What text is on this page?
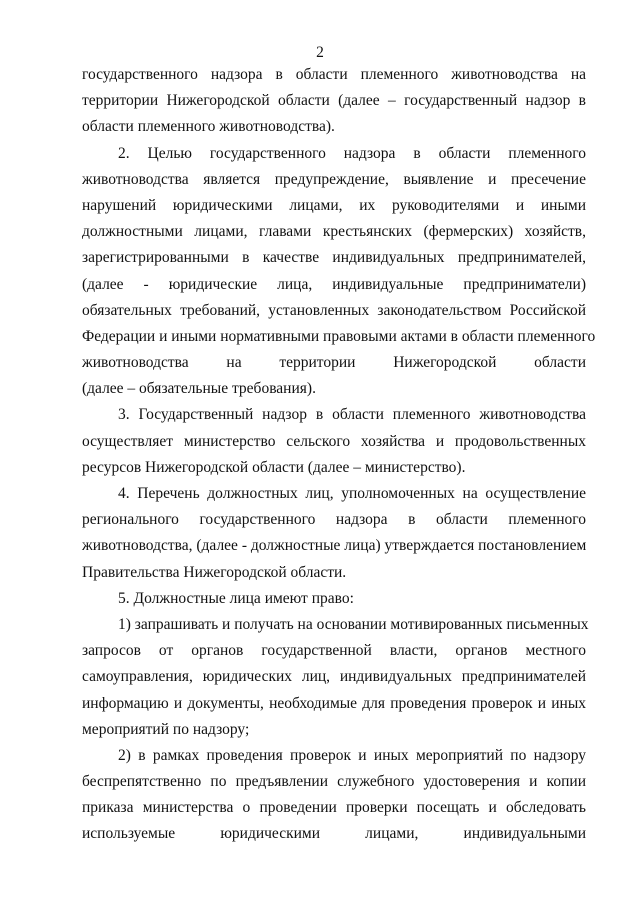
2
государственного надзора в области племенного животноводства на
территории Нижегородской области (далее – государственный надзор в
области племенного животноводства).
2. Целью государственного надзора в области племенного
животноводства является предупреждение, выявление и пресечение
нарушений юридическими лицами, их руководителями и иными
должностными лицами, главами крестьянских (фермерских) хозяйств,
зарегистрированными в качестве индивидуальных предпринимателей,
(далее - юридические лица, индивидуальные предприниматели)
обязательных требований, установленных законодательством Российской
Федерации и иными нормативными правовыми актами в области племенного
животноводства на территории Нижегородской области
(далее – обязательные требования).
3. Государственный надзор в области племенного животноводства
осуществляет министерство сельского хозяйства и продовольственных
ресурсов Нижегородской области (далее – министерство).
4. Перечень должностных лиц, уполномоченных на осуществление
регионального государственного надзора в области племенного
животноводства, (далее - должностные лица) утверждается постановлением
Правительства Нижегородской области.
5. Должностные лица имеют право:
1) запрашивать и получать на основании мотивированных письменных
запросов от органов государственной власти, органов местного
самоуправления, юридических лиц, индивидуальных предпринимателей
информацию и документы, необходимые для проведения проверок и иных
мероприятий по надзору;
2) в рамках проведения проверок и иных мероприятий по надзору
беспрепятственно по предъявлении служебного удостоверения и копии
приказа министерства о проведении проверки посещать и обследовать
используемые юридическими лицами, индивидуальными
